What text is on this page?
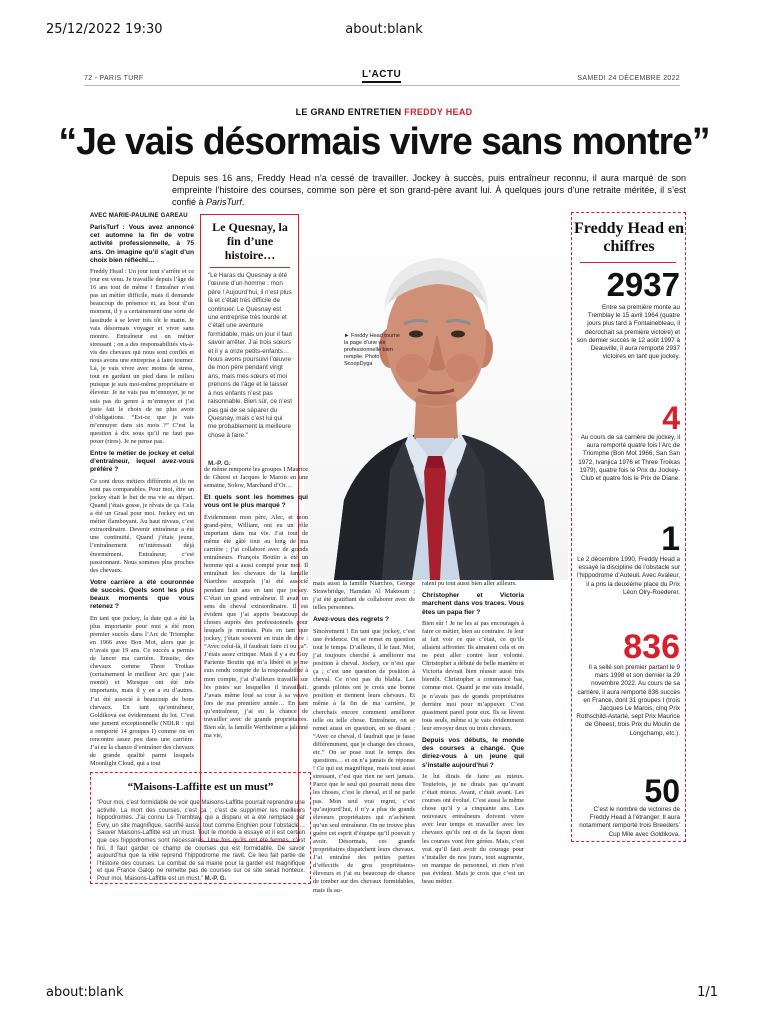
25/12/2022 19:30	about:blank
about:blank	1/1
72 - PARIS TURF	L'ACTU	SAMEDI 24 DÉCEMBRE 2022
LE GRAND ENTRETIEN FREDDY HEAD
“Je vais désormais vivre sans montre”
Depuis ses 16 ans, Freddy Head n’a cessé de travailler. Jockey à succès, puis entraîneur reconnu, il aura marqué de son empreinte l’histoire des courses, comme son père et son grand-père avant lui. À quelques jours d’une retraite méritée, il s’est confié à ParisTurf.
AVEC MARIE-PAULINE GAREAU

ParisTurf : Vous avez annoncé cet automne la fin de votre activité professionnelle, à 75 ans. On imagine qu’il s’agit d’un choix bien réfléchi…

Freddy Head : Un jour tout s’arrête et ce jour est venu. Je travaille depuis l’âge de 16 ans tout de même ! Entraîner n’est pas un métier difficile, mais il demande beaucoup de présence et, au bout d’un moment, il y a certainement une sorte de lassitude à se lever très tôt le matin. Je vais désormais voyager et vivre sans montre. Entraîneur est un métier stressant ; on a des responsabilités vis-à-vis des chevaux qui nous sont confiés et nous avons une entreprise à faire tourner. Là, je vais vivre avec moins de stress, tout en gardant un pied dans le milieu puisque je suis moi-même propriétaire et éleveur. Je ne vais pas m’ennuyer, je ne suis pas du genre à m’ennuyer et j’ai juste fait le choix de ne plus avoir d’obligations. “Est-ce que je vais m’ennuyer dans six mois ?” C’est la question à dix sous qu’il ne faut pas poser (rires). Je ne pense pas.

Entre le métier de jockey et celui d’entraîneur, lequel avez-vous préféré ?

Ce sont deux métiers différents et ils ne sont pas comparables. Pour moi, être un jockey était le but de ma vie au départ. Quand j’étais gosse, je rêvais de ça. Cela a été un Graal pour moi. Jockey est un métier flamboyant. Au haut niveau, c’est extraordinaire. Devenir entraîneur a été une continuité. Quand j’étais jeune, l’entraînement m’intéressait déjà énormément. Entraîneur, c’est passionnant. Nous sommes plus proches des chevaux.

Votre carrière a été couronnée de succès. Quels sont les plus beaux moments que vous retenez ?

En tant que jockey, la date qui a été la plus importante pour moi a été mon premier succès dans l’Arc de Triomphe en 1966 avec Bon Mot, alors que je n’avais que 19 ans. Ce succès a permis de lancer ma carrière. Ensuite, des chevaux comme Three Troikas (certainement le meilleur Arc que j’aie monté) et Miesque ont été très importants, mais il y en a eu d’autres. J’ai été associé à beaucoup de bons chevaux. En tant qu’entraîneur, Goldikova est évidemment du lot. C’est une jument exceptionnelle (NDLR : qui a remporté 14 groupes I) comme on en rencontre assez peu dans une carrière. J’ai eu la chance d’entraîner des chevaux de grande qualité parmi lesquels Moonlight Cloud, qui a tout

Le Quesnay, la fin d’une histoire…
“Le Haras du Quesnay a été l’œuvre d’un homme : mon père ! Aujourd’hui, il n’est plus là et c’était très difficile de continuer. Le Quesnay est une entreprise très lourde et c’était une aventure formidable, mais un jour il faut savoir arrêter. J’ai trois sœurs et il y a onze petits-enfants… Nous avons poursuivi l’œuvre de mon père pendant vingt ans, mais mes sœurs et moi prenons de l’âge et le laisser à nos enfants n’est pas raisonnable. Bien sûr, ce n’est pas gai de se séparer du Quesnay, mais c’est lui qui me probablement la meilleure chose à faire.”
M.-P. G.
► Freddy Head tourne la page d’une vie professionnelle bien remplie. Photo : ScoopDyga

de même remporté les groupes I Maurice de Gheest et Jacques le Marois en une semaine, Solow, Marchand d’Or…

Et quels sont les hommes qui vous ont le plus marqué ?

Évidemment mon père, Alec, et mon grand-père, William, ont eu un rôle important dans ma vie. J’ai tout de même été gâté tout au long de ma carrière ; j’ai collaboré avec de grands entraîneurs. François Boutin a été un homme qui a aussi compté pour moi. Il entraînait les chevaux de la famille Niarchos auxquels j’ai été associé pendant huit ans en tant que jockey. C’était un grand entraîneur. Il avait un sens du cheval extraordinaire. Il est évident que j’ai appris beaucoup de choses auprès des professionnels pour lesquels je montais. Puis en tant que jockey, j’étais souvent en train de dire : “Avec celui-là, il faudrait faire ci ou ça”. J’étais assez critique. Mais il y a eu Guy Pariente Boutin qui m’a libéré et je me suis rendu compte de la responsabilité à mon compte, j’ai d’ailleurs travaillé sur les pistes sur lesquelles il travaillait. J’avais même loué sa cour à sa veuve lors de ma première année… En tant qu’entraîneur, j’ai eu la chance de travailler avec de grands propriétaires. Bien sûr, la famille Wertheimer a jalonné ma vie,

mais aussi la famille Niarchos, George Strawbridge, Hamdan Al Maktoum ; j’ai été gratifiant de collaborer avec de telles personnes.

Avez-vous des regrets ?

Sincèrement ! En tant que jockey, c’est une évidence. On se remet en question tout le temps. D’ailleurs, il le faut. Moi, j’ai toujours cherché à améliorer ma position à cheval. Jockey, ce n’est que ça ; c’est une question de position à cheval. Ce n’est pas du blabla. Les grands pilotes ont je crois une bonne position et tiennent leurs chevaux. Et même à la fin de ma carrière, je cherchais encore comment améliorer telle ou telle chose. Entraîneur, on se remet aussi en question, en se disant : “Avec ce cheval, il faudrait que je fasse différemment, que je change des choses, etc.” On se pose tout le temps des questions… et on n’a jamais de réponse ! Ce qui est magnifique, mais tout aussi stressant, c’est que rien ne sert jamais. Parce que le seul qui pourrait nous dire les choses, c’est le cheval, et il ne parle pas. Mon seul vrai regret, c’est qu’aujourd’hui, il n’y a plus de grands éleveurs propriétaires qui n’achètent qu’un seul entraîneur. On ne trouve plus guère cet esprit d’équipe qu’il pouvait y avoir. Désormais, ces grands propriétaires dispatchent leurs chevaux. J’ai entraîné des petites parties d’effectifs de gros propriétaires-éleveurs et j’ai eu beaucoup de chance de tomber sur des chevaux formidables, mais ils au-

raient pu tout aussi bien aller ailleurs.

Christopher et Victoria marchent dans vos traces. Vous êtes un papa fier ?

Bien sûr ! Je ne les ai pas encouragés à faire ce métier, bien au contraire. Je leur ai fait voir ce que c’était, ce qu’ils allaient affronter. Ils aimaient cela et on ne peut aller contre leur volonté. Christopher a débuté de belle manière et Victoria devrait bien réussir aussi très bientôt. Christopher a commencé bas, comme moi. Quand je me suis installé, je n’avais pas de grands propriétaires derrière moi pour m’appuyer. C’est quasiment pareil pour eux. Ils se lèvent tous seuls, même si je vais évidemment leur envoyer deux ou trois chevaux.

Depuis vos débuts, le monde des courses a changé. Que diriez-vous à un jeune qui s’installe aujourd’hui ?

Je lui dirais de faire au mieux. Toutefois, je ne dirais pas qu’avant c’était mieux. Avant, c’était avant. Les courses ont évolué. C’est aussi la même chose qu’il y a cinquante ans. Les nouveaux entraîneurs doivent vivre avec leur temps et travailler avec les chevaux qu’ils ont et de la façon dont les courses vont être gérées. Mais, c’est vrai qu’il faut avoir du courage pour s’installer de nos jours, tout augmente, on manque de personnel, et rien n’est pas évident. Mais je crois que c’est un beau métier.

Freddy Head en chiffres
2937
Entre sa première monte au Tremblay le 15 avril 1964 (quatre jours plus tard à Fontainebleau, il décrochait sa première victoire) et son dernier succès le 12 août 1997 à Deauville, il aura remporté 2937 victoires en tant que jockey.
4
Au cours de sa carrière de jockey, il aura remporté quatre fois l’Arc de Triomphe (Bon Mot 1966, San San 1972, Ivanjica 1976 et Three Troikas 1979), quatre fois le Prix du Jockey-Club et quatre fois le Prix de Diane.
1
Le 2 décembre 1990, Freddy Head a essayé la discipline de l’obstacle sur l’hippodrome d’Auteuil. Avec Avaleur, il a pris la deuxième place du Prix Léon Olry-Roederer.
836
Il a sellé son premier partant le 9 mars 1998 et son dernier la 29 novembre 2022. Au cours de sa carrière, il aura remporté 836 succès en France, dont 31 groupes I (trois Jacques Le Marois, cinq Prix Rothschild-Astarté, sept Prix Maurice de Gheest, trois Prix du Moulin de Longchamp, etc.).
50
C’est le nombre de victoires de Freddy Head à l’étranger. Il aura notamment remporté trois Breeders’ Cup Mile avec Goldikova.
“Maisons-Laffitte est un must”
“Pour moi, c’est formidable de voir que Maisons-Laffitte pourrait reprendre une activité. La mort des courses, c’est ça ; c’est de supprimer les meilleurs hippodromes. J’ai connu Le Tremblay, qui a disparu et a été remplacé par Evry, un site magnifique, sacrifié aussi, tout comme Enghien pour l’obstacle… Sauver Maisons-Laffitte est un must. Tout le monde a essayé et il est certain que ces hippodromes sont nécessaires. Une fois qu’ils ont été fermés, c’est fini. Il faut garder ce champ de courses qui est formidable. De savoir aujourd’hui que la ville reprend l’hippodrome me ravit. Ce lieu fait partie de l’histoire des courses. Le combat de sa mairie pour la garder est magnifique et que France Galop ne remette pas de courses sur ce site serait honteux. Pour moi, Maisons-Laffitte est un must.” M.-P. G.
